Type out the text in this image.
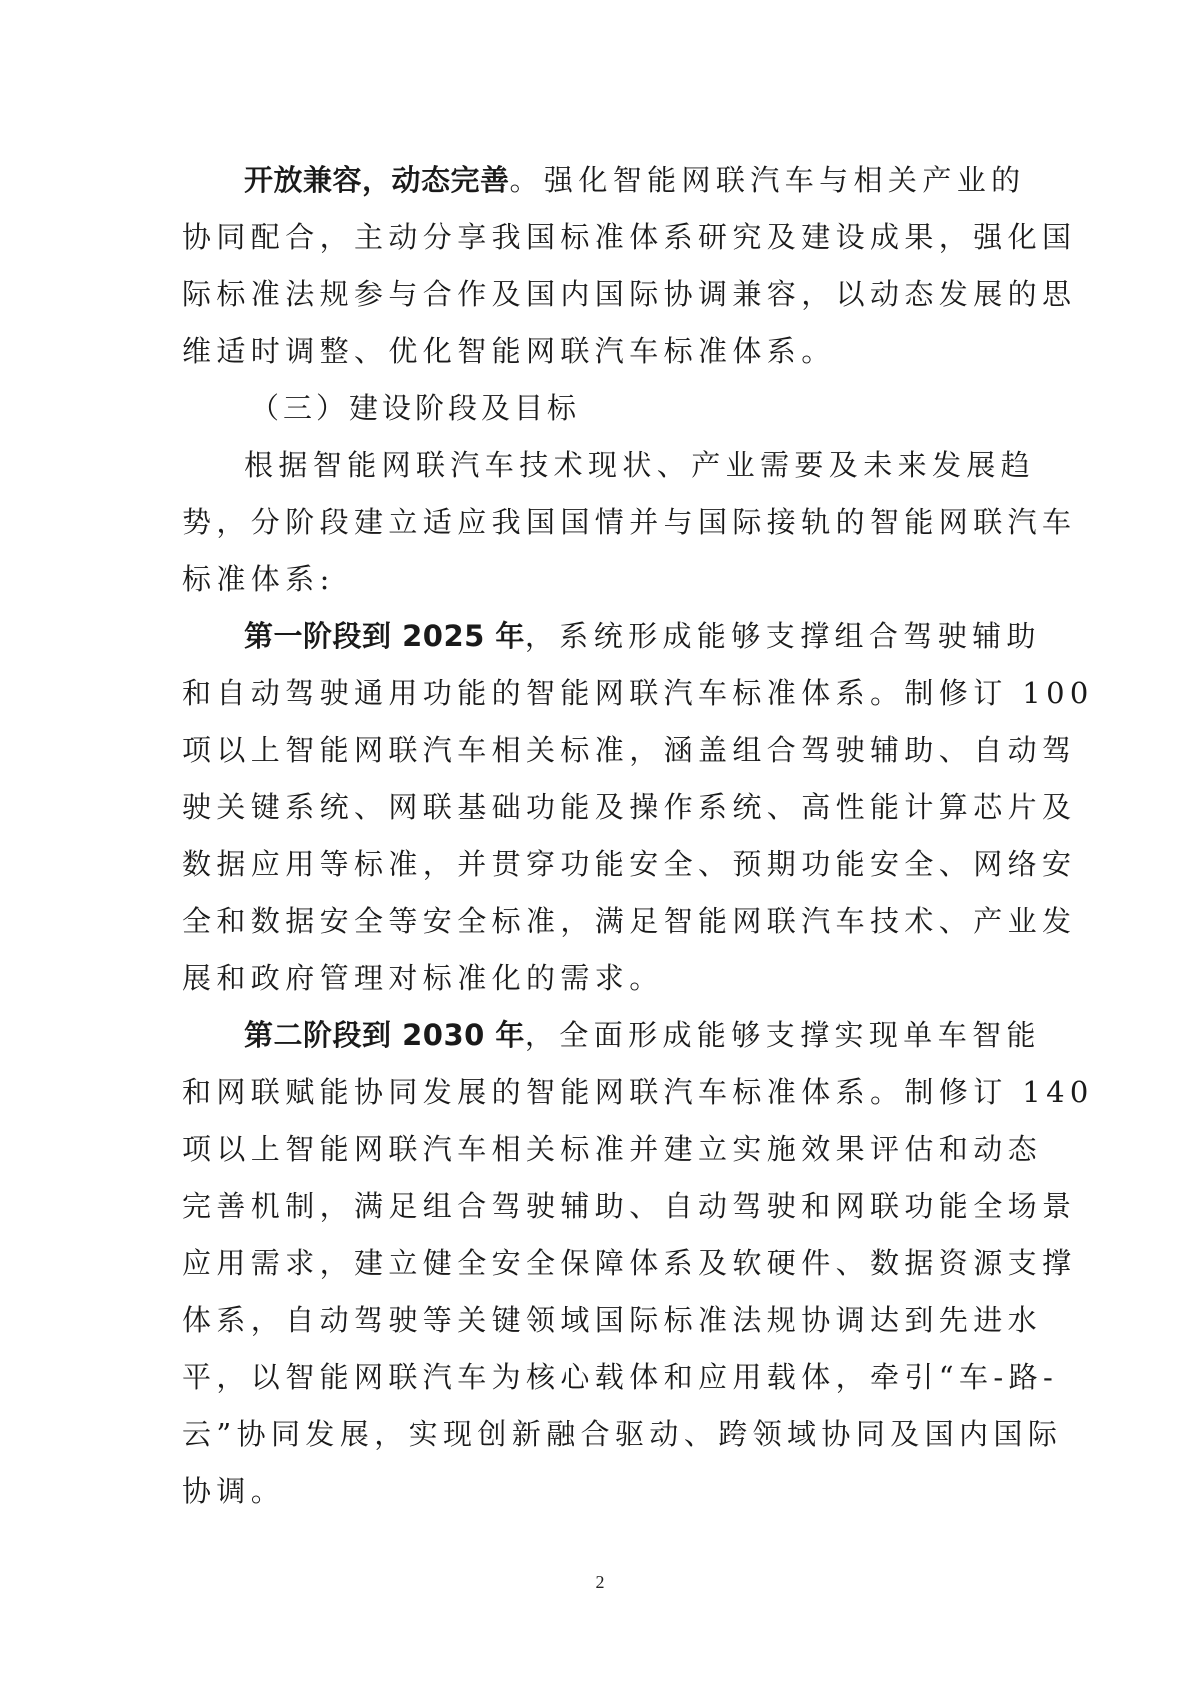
开放兼容，动态完善。强化智能网联汽车与相关产业的
协同配合，主动分享我国标准体系研究及建设成果，强化国
际标准法规参与合作及国内国际协调兼容，以动态发展的思
维适时调整、优化智能网联汽车标准体系。
（三）建设阶段及目标
根据智能网联汽车技术现状、产业需要及未来发展趋
势，分阶段建立适应我国国情并与国际接轨的智能网联汽车
标准体系:
第一阶段到 2025 年，系统形成能够支撑组合驾驶辅助
和自动驾驶通用功能的智能网联汽车标准体系。制修订 100
项以上智能网联汽车相关标准，涵盖组合驾驶辅助、自动驾
驶关键系统、网联基础功能及操作系统、高性能计算芯片及
数据应用等标准，并贯穿功能安全、预期功能安全、网络安
全和数据安全等安全标准，满足智能网联汽车技术、产业发
展和政府管理对标准化的需求。
第二阶段到 2030 年，全面形成能够支撑实现单车智能
和网联赋能协同发展的智能网联汽车标准体系。制修订 140
项以上智能网联汽车相关标准并建立实施效果评估和动态
完善机制，满足组合驾驶辅助、自动驾驶和网联功能全场景
应用需求，建立健全安全保障体系及软硬件、数据资源支撑
体系，自动驾驶等关键领域国际标准法规协调达到先进水
平，以智能网联汽车为核心载体和应用载体，牵引“车-路-
云”协同发展，实现创新融合驱动、跨领域协同及国内国际
协调。
2
